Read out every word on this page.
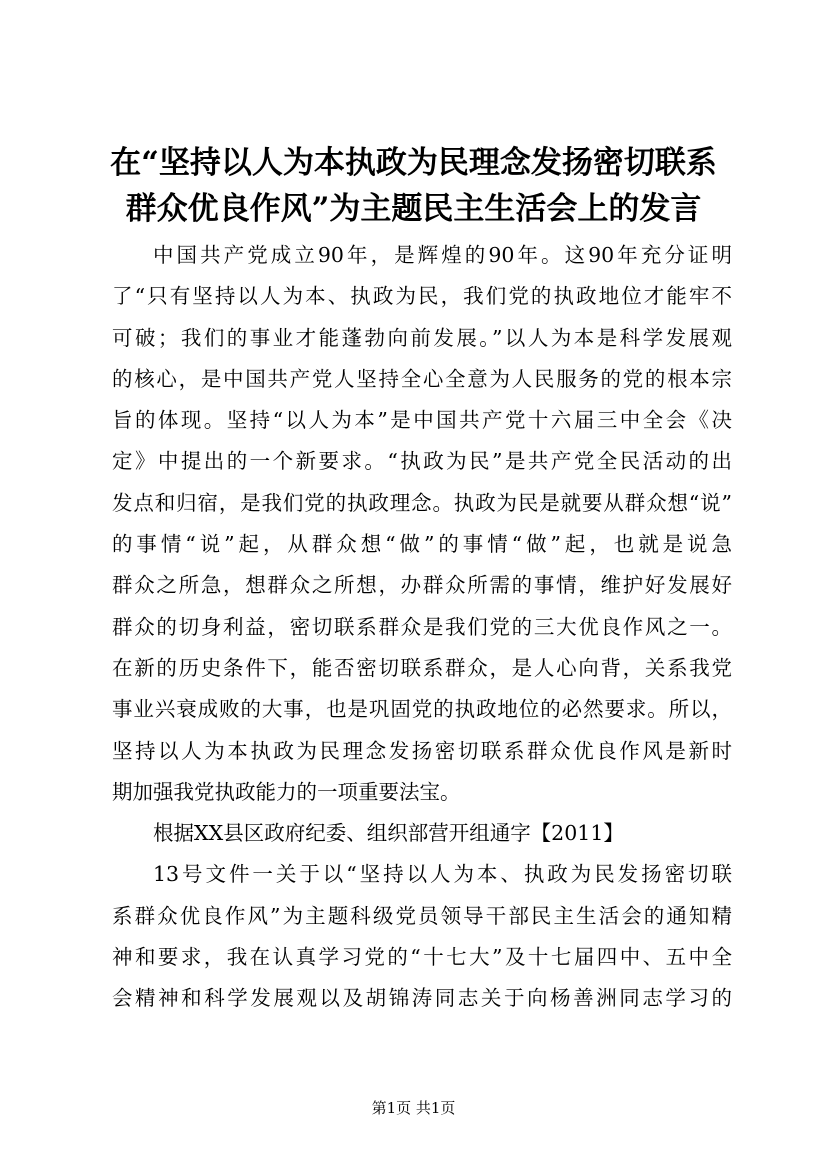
在“坚持以人为本执政为民理念发扬密切联系
群众优良作风”为主题民主生活会上的发言
中国共产党成立90年，是辉煌的90年。这90年充分证明
了“只有坚持以人为本、执政为民，我们党的执政地位才能牢不
可破；我们的事业才能蓬勃向前发展。”以人为本是科学发展观
的核心，是中国共产党人坚持全心全意为人民服务的党的根本宗
旨的体现。坚持“以人为本”是中国共产党十六届三中全会《决
定》中提出的一个新要求。“执政为民”是共产党全民活动的出
发点和归宿，是我们党的执政理念。执政为民是就要从群众想“说”
的事情“说”起，从群众想“做”的事情“做”起，也就是说急
群众之所急，想群众之所想，办群众所需的事情，维护好发展好
群众的切身利益，密切联系群众是我们党的三大优良作风之一。
在新的历史条件下，能否密切联系群众，是人心向背，关系我党
事业兴衰成败的大事，也是巩固党的执政地位的必然要求。所以，
坚持以人为本执政为民理念发扬密切联系群众优良作风是新时
期加强我党执政能力的一项重要法宝。
根据XX县区政府纪委、组织部营开组通字【2011】
13号文件一关于以“坚持以人为本、执政为民发扬密切联
系群众优良作风”为主题科级党员领导干部民主生活会的通知精
神和要求，我在认真学习党的“十七大”及十七届四中、五中全
会精神和科学发展观以及胡锦涛同志关于向杨善洲同志学习的
第1页 共1页
